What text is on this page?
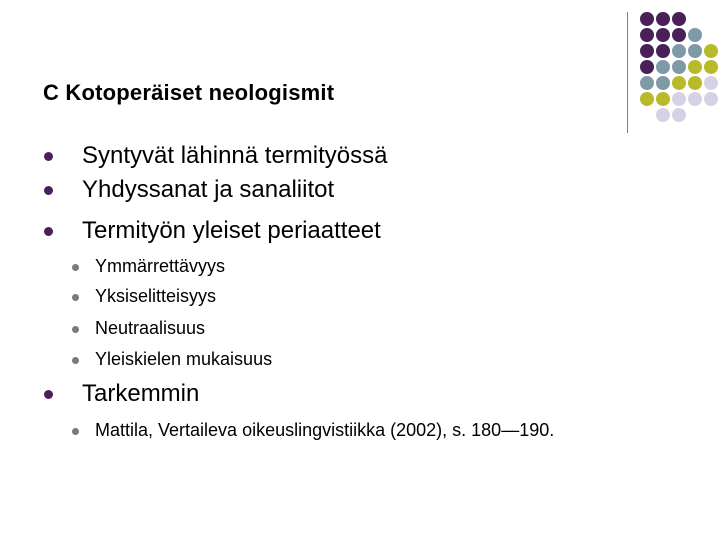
C Kotoperäiset neologismit
Syntyvät lähinnä termityössä
Yhdyssanat ja sanaliitot
Termityön yleiset periaatteet
Ymmärrettävyys
Yksiselitteisyys
Neutraalisuus
Yleiskielen mukaisuus
Tarkemmin
Mattila, Vertaileva oikeuslingvistiikka (2002), s. 180—190.
